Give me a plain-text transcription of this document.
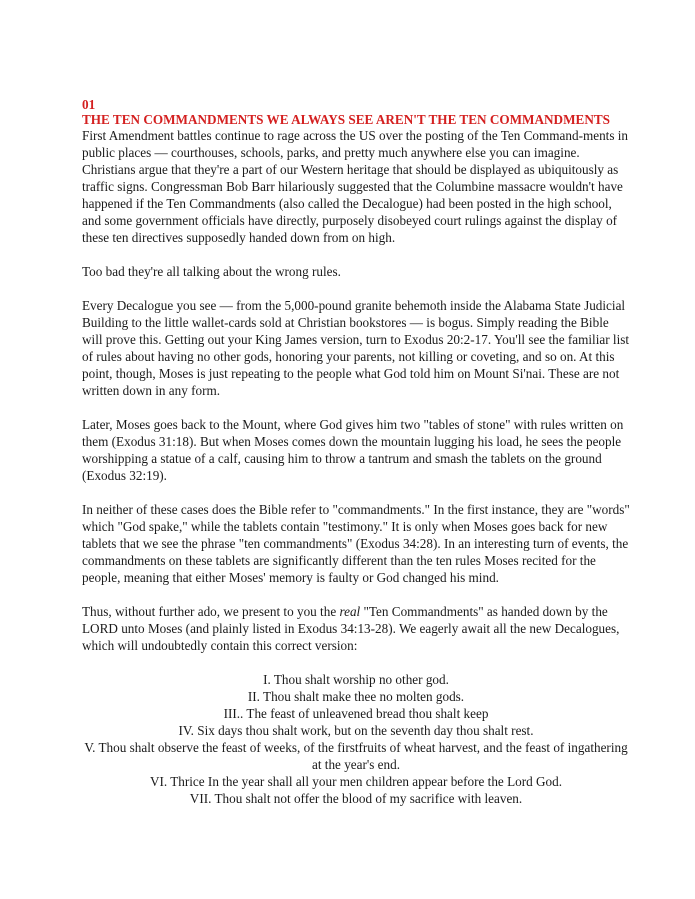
01
THE TEN COMMANDMENTS WE ALWAYS SEE AREN'T THE TEN COMMANDMENTS

First Amendment battles continue to rage across the US over the posting of the Ten Command-ments in public places — courthouses, schools, parks, and pretty much anywhere else you can imagine. Christians argue that they're a part of our Western heritage that should be displayed as ubiquitously as traffic signs. Congressman Bob Barr hilariously suggested that the Columbine massacre wouldn't have happened if the Ten Commandments (also called the Decalogue) had been posted in the high school, and some government officials have directly, purposely disobeyed court rulings against the display of these ten directives supposedly handed down from on high.

Too bad they're all talking about the wrong rules.

Every Decalogue you see — from the 5,000-pound granite behemoth inside the Alabama State Judicial Building to the little wallet-cards sold at Christian bookstores — is bogus. Simply reading the Bible will prove this. Getting out your King James version, turn to Exodus 20:2-17. You'll see the familiar list of rules about having no other gods, honoring your parents, not killing or coveting, and so on. At this point, though, Moses is just repeating to the people what God told him on Mount Si'nai. These are not written down in any form.

Later, Moses goes back to the Mount, where God gives him two "tables of stone" with rules written on them (Exodus 31:18). But when Moses comes down the mountain lugging his load, he sees the people worshipping a statue of a calf, causing him to throw a tantrum and smash the tablets on the ground (Exodus 32:19).

In neither of these cases does the Bible refer to "commandments." In the first instance, they are "words" which "God spake," while the tablets contain "testimony." It is only when Moses goes back for new tablets that we see the phrase "ten commandments" (Exodus 34:28). In an interesting turn of events, the commandments on these tablets are significantly different than the ten rules Moses recited for the people, meaning that either Moses' memory is faulty or God changed his mind.

Thus, without further ado, we present to you the real "Ten Commandments" as handed down by the LORD unto Moses (and plainly listed in Exodus 34:13-28). We eagerly await all the new Decalogues, which will undoubtedly contain this correct version:

I. Thou shalt worship no other god.
II. Thou shalt make thee no molten gods.
III.. The feast of unleavened bread thou shalt keep
IV. Six days thou shalt work, but on the seventh day thou shalt rest.
V. Thou shalt observe the feast of weeks, of the firstfruits of wheat harvest, and the feast of ingathering at the year's end.
VI. Thrice In the year shall all your men children appear before the Lord God.
VII. Thou shalt not offer the blood of my sacrifice with leaven.
